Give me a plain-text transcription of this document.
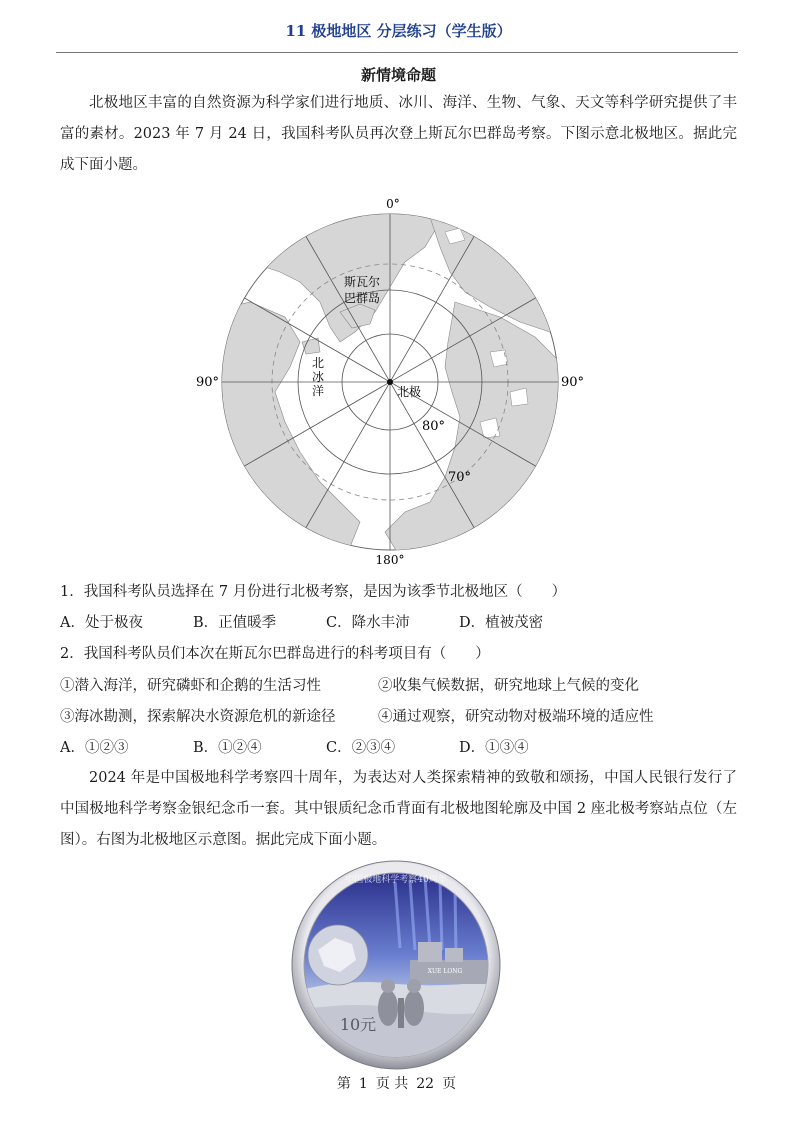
11 极地地区 分层练习（学生版）
新情境命题

北极地区丰富的自然资源为科学家们进行地质、冰川、海洋、生物、气象、天文等科学研究提供了丰富的素材。2023 年 7 月 24 日，我国科考队员再次登上斯瓦尔巴群岛考察。下图示意北极地区。据此完成下面小题。

0°
180°
90°	90°
80°
70°
斯瓦尔
巴群岛
北
冰
洋	北极
1．我国科考队员选择在 7 月份进行北极考察，是因为该季节北极地区（　　）
A．处于极夜	B．正值暖季	C．降水丰沛	D．植被茂密
2．我国科考队员们本次在斯瓦尔巴群岛进行的科考项目有（　　）
①潜入海洋，研究磷虾和企鹅的生活习性	②收集气候数据，研究地球上气候的变化
③海冰勘测，探索解决水资源危机的新途径	④通过观察，研究动物对极端环境的适应性
A．①②③	B．①②④	C．②③④	D．①③④

2024 年是中国极地科学考察四十周年，为表达对人类探索精神的致敬和颂扬，中国人民银行发行了中国极地科学考察金银纪念币一套。其中银质纪念币背面有北极地图轮廓及中国 2 座北极考察站点位（左图）。右图为北极地区示意图。据此完成下面小题。

中国极地科学考察40周年
XUE LONG
10元
第 1 页 共 22 页
